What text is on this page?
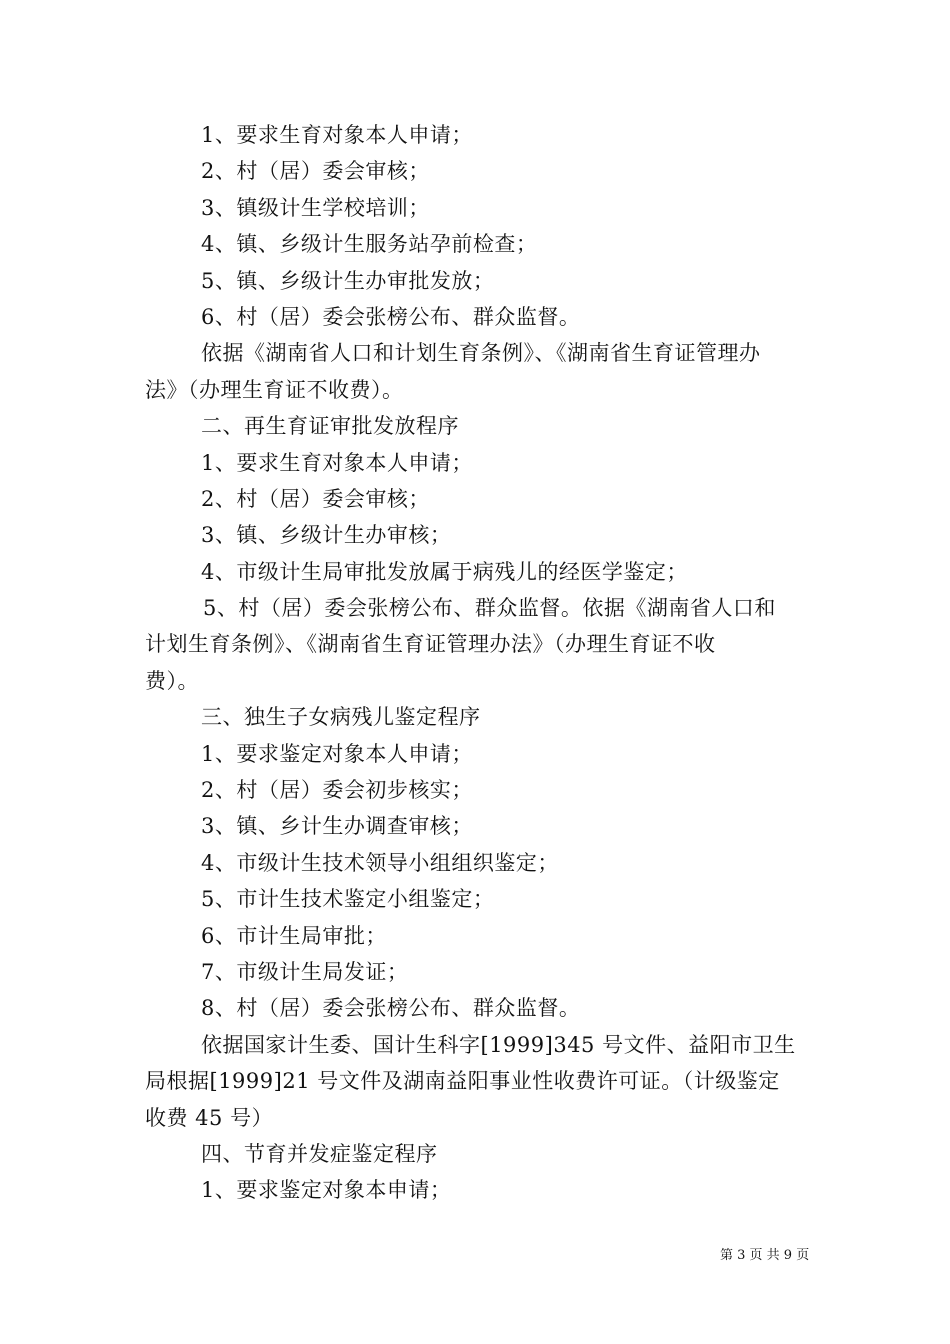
1、要求生育对象本人申请；
2、村（居）委会审核；
3、镇级计生学校培训；
4、镇、乡级计生服务站孕前检查；
5、镇、乡级计生办审批发放；
6、村（居）委会张榜公布、群众监督。
依据《湖南省人口和计划生育条例》、《湖南省生育证管理办
法》（办理生育证不收费）。
二、再生育证审批发放程序
1、要求生育对象本人申请；
2、村（居）委会审核；
3、镇、乡级计生办审核；
4、市级计生局审批发放属于病残儿的经医学鉴定；
5、村（居）委会张榜公布、群众监督。依据《湖南省人口和
计划生育条例》、《湖南省生育证管理办法》（办理生育证不收
费）。
三、独生子女病残儿鉴定程序
1、要求鉴定对象本人申请；
2、村（居）委会初步核实；
3、镇、乡计生办调查审核；
4、市级计生技术领导小组组织鉴定；
5、市计生技术鉴定小组鉴定；
6、市计生局审批；
7、市级计生局发证；
8、村（居）委会张榜公布、群众监督。
依据国家计生委、国计生科字[1999]345 号文件、益阳市卫生
局根据[1999]21 号文件及湖南益阳事业性收费许可证。（计级鉴定
收费 45 号）
四、节育并发症鉴定程序
1、要求鉴定对象本申请；
第 3 页 共 9 页
